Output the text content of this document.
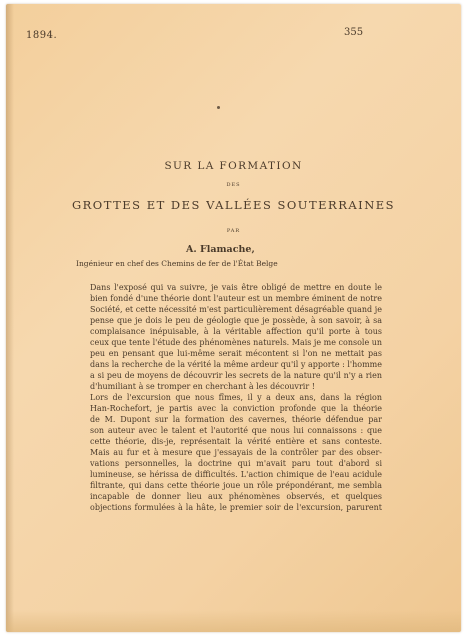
1894.	355
SUR LA FORMATION
DES
GROTTES ET DES VALLÉES SOUTERRAINES
PAR
A. Flamache,
Ingénieur en chef des Chemins de fer de l'État Belge
Dans l'exposé qui va suivre, je vais être obligé de mettre en doute le
bien fondé d'une théorie dont l'auteur est un membre éminent de notre
Société, et cette nécessité m'est particulièrement désagréable quand je
pense que je dois le peu de géologie que je possède, à son savoir, à sa
complaisance inépuisable, à la véritable affection qu'il porte à tous
ceux que tente l'étude des phénomènes naturels. Mais je me console un
peu en pensant que lui-même serait mécontent si l'on ne mettait pas
dans la recherche de la vérité la même ardeur qu'il y apporte : l'homme
a si peu de moyens de découvrir les secrets de la nature qu'il n'y a rien
d'humiliant à se tromper en cherchant à les découvrir !
Lors de l'excursion que nous fîmes, il y a deux ans, dans la région
Han-Rochefort, je partis avec la conviction profonde que la théorie
de M. Dupont sur la formation des cavernes, théorie défendue par
son auteur avec le talent et l'autorité que nous lui connaissons : que
cette théorie, dis-je, représentait la vérité entière et sans conteste.
Mais au fur et à mesure que j'essayais de la contrôler par des obser-
vations personnelles, la doctrine qui m'avait paru tout d'abord si
lumineuse, se hérissa de difficultés. L'action chimique de l'eau acidule
filtrante, qui dans cette théorie joue un rôle prépondérant, me sembla
incapable de donner lieu aux phénomènes observés, et quelques
objections formulées à la hâte, le premier soir de l'excursion, parurent
